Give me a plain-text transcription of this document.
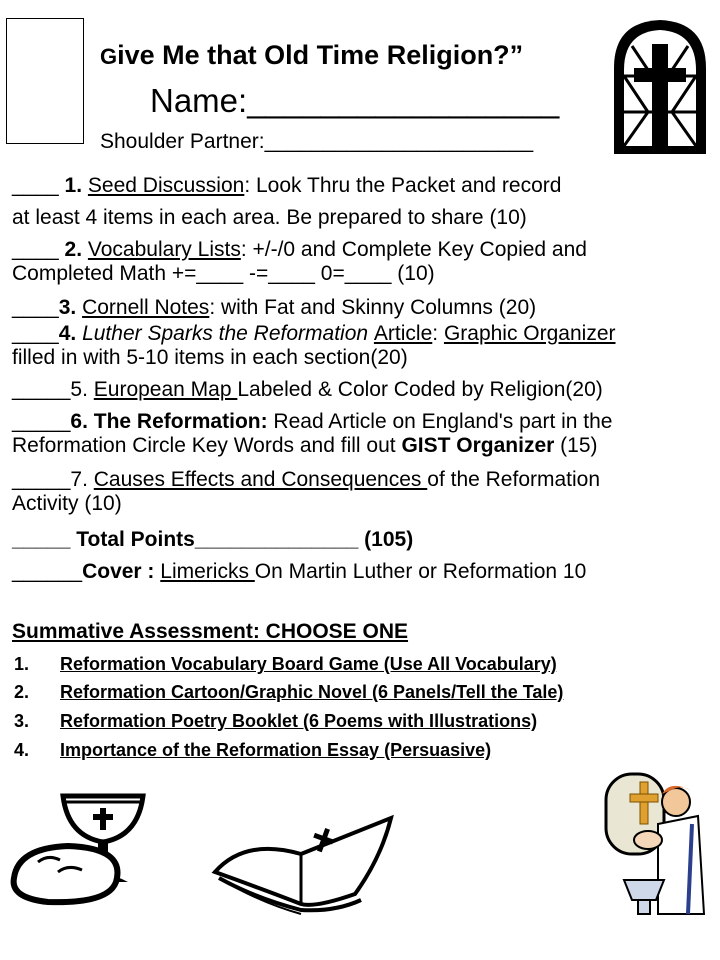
Give Me that Old Time Religion?”
Name:_________________
Shoulder Partner:_______________________
____ 1. Seed Discussion: Look Thru the Packet and record
at least 4 items in each area. Be prepared to share (10)
____ 2. Vocabulary Lists: +/-/0 and Complete Key Copied and
Completed Math +=____ -=____ 0=____ (10)
____3. Cornell Notes: with Fat and Skinny Columns (20)
____4. Luther Sparks the Reformation Article: Graphic Organizer
filled in with 5-10 items in each section(20)
_____5. European Map Labeled & Color Coded by Religion(20)
_____6. The Reformation: Read Article on England's part in the
Reformation Circle Key Words and fill out GIST Organizer (15)
_____7. Causes Effects and Consequences of the Reformation
Activity (10)
_____ Total Points______________ (105)
______Cover : Limericks On Martin Luther or Reformation 10
Summative Assessment: CHOOSE ONE
1. Reformation Vocabulary Board Game (Use All Vocabulary)
2. Reformation Cartoon/Graphic Novel (6 Panels/Tell the Tale)
3. Reformation Poetry Booklet (6 Poems with Illustrations)
4. Importance of the Reformation Essay (Persuasive)
